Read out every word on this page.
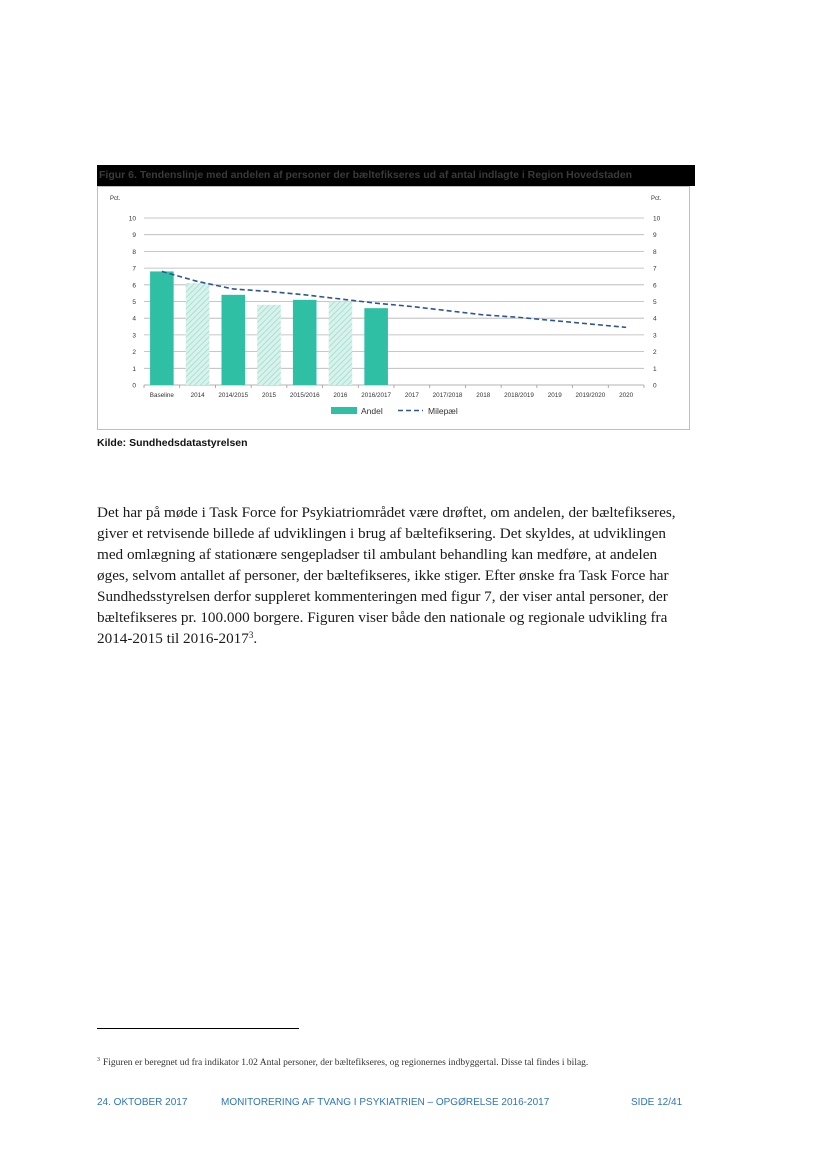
Figur 6. Tendenslinje med andelen af personer der bæltefikseres ud af antal indlagte i Region Hovedstaden
0	0
1	1
2	2
3	3
4	4
5	5
6	6
7	7
8	8
9	9
10	10
Pct.	Pct.
Baseline	2014 2014/2015 2015 2015/2016 2016 2016/2017 2017 2017/2018 2018 2018/2019 2019 2019/2020 2020
Andel	Milepæl
Kilde: Sundhedsdatastyrelsen

Det har på møde i Task Force for Psykiatriområdet være drøftet, om andelen, der bæltefikseres,

giver et retvisende billede af udviklingen i brug af bæltefiksering. Det skyldes, at udviklingen

med omlægning af stationære sengepladser til ambulant behandling kan medføre, at andelen

øges, selvom antallet af personer, der bæltefikseres, ikke stiger. Efter ønske fra Task Force har

Sundhedsstyrelsen derfor suppleret kommenteringen med figur 7, der viser antal personer, der

bæltefikseres pr. 100.000 borgere. Figuren viser både den nationale og regionale udvikling fra

2014-2015 til 2016-2017$^3$.

$^3$ Figuren er beregnet ud fra indikator 1.02 Antal personer, der bæltefikseres, og regionernes indbyggertal. Disse tal findes i bilag.
24. OKTOBER 2017	MONITORERING AF TVANG I PSYKIATRIEN – OPGØRELSE 2016-2017	SIDE 12/41
